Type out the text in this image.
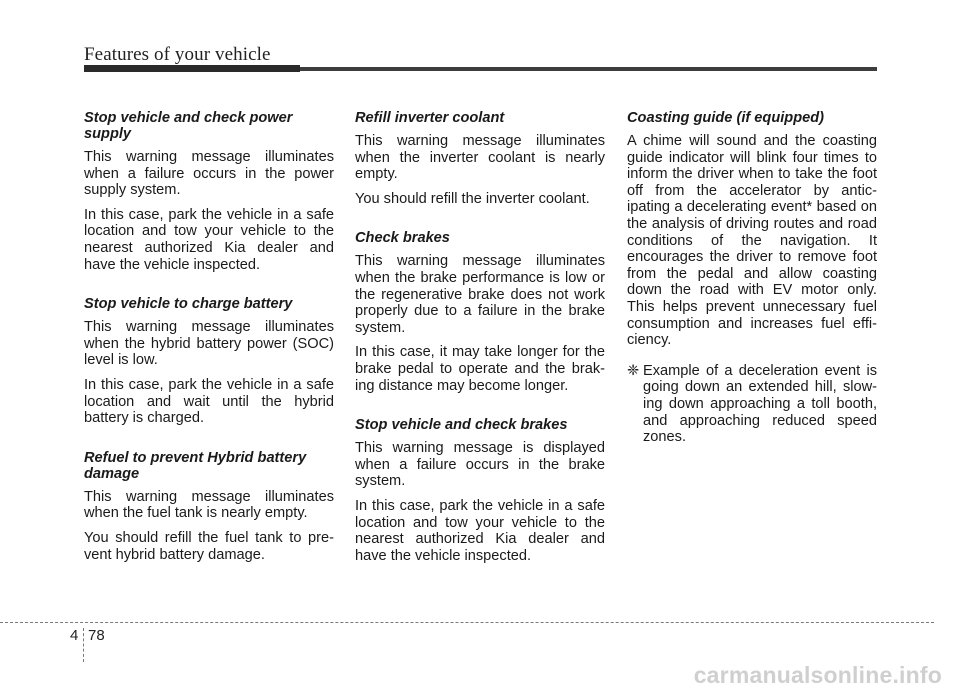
Features of your vehicle
Stop vehicle and check power supply

This warning message illuminates when a failure occurs in the power supply system.

In this case, park the vehicle in a safe location and tow your vehicle to the nearest authorized Kia dealer and have the vehicle inspected.

Stop vehicle to charge battery

This warning message illuminates when the hybrid battery power (SOC) level is low.

In this case, park the vehicle in a safe location and wait until the hybrid battery is charged.

Refuel to prevent Hybrid battery damage

This warning message illuminates when the fuel tank is nearly empty.

You should refill the fuel tank to pre-vent hybrid battery damage.

Refill inverter coolant

This warning message illuminates when the inverter coolant is nearly empty.

You should refill the inverter coolant.

Check brakes

This warning message illuminates when the brake performance is low or the regenerative brake does not work properly due to a failure in the brake system.

In this case, it may take longer for the brake pedal to operate and the brak-ing distance may become longer.

Stop vehicle and check brakes

This warning message is displayed when a failure occurs in the brake system.

In this case, park the vehicle in a safe location and tow your vehicle to the nearest authorized Kia dealer and have the vehicle inspected.

Coasting guide (if equipped)

A chime will sound and the coasting guide indicator will blink four times to inform the driver when to take the foot off from the accelerator by antic-ipating a decelerating event* based on the analysis of driving routes and road conditions of the navigation. It encourages the driver to remove foot from the pedal and allow coasting down the road with EV motor only. This helps prevent unnecessary fuel consumption and increases fuel effi-ciency.

❈ Example of a deceleration event is going down an extended hill, slow-ing down approaching a toll booth, and approaching reduced speed zones.
4 78
carmanualsonline.info
